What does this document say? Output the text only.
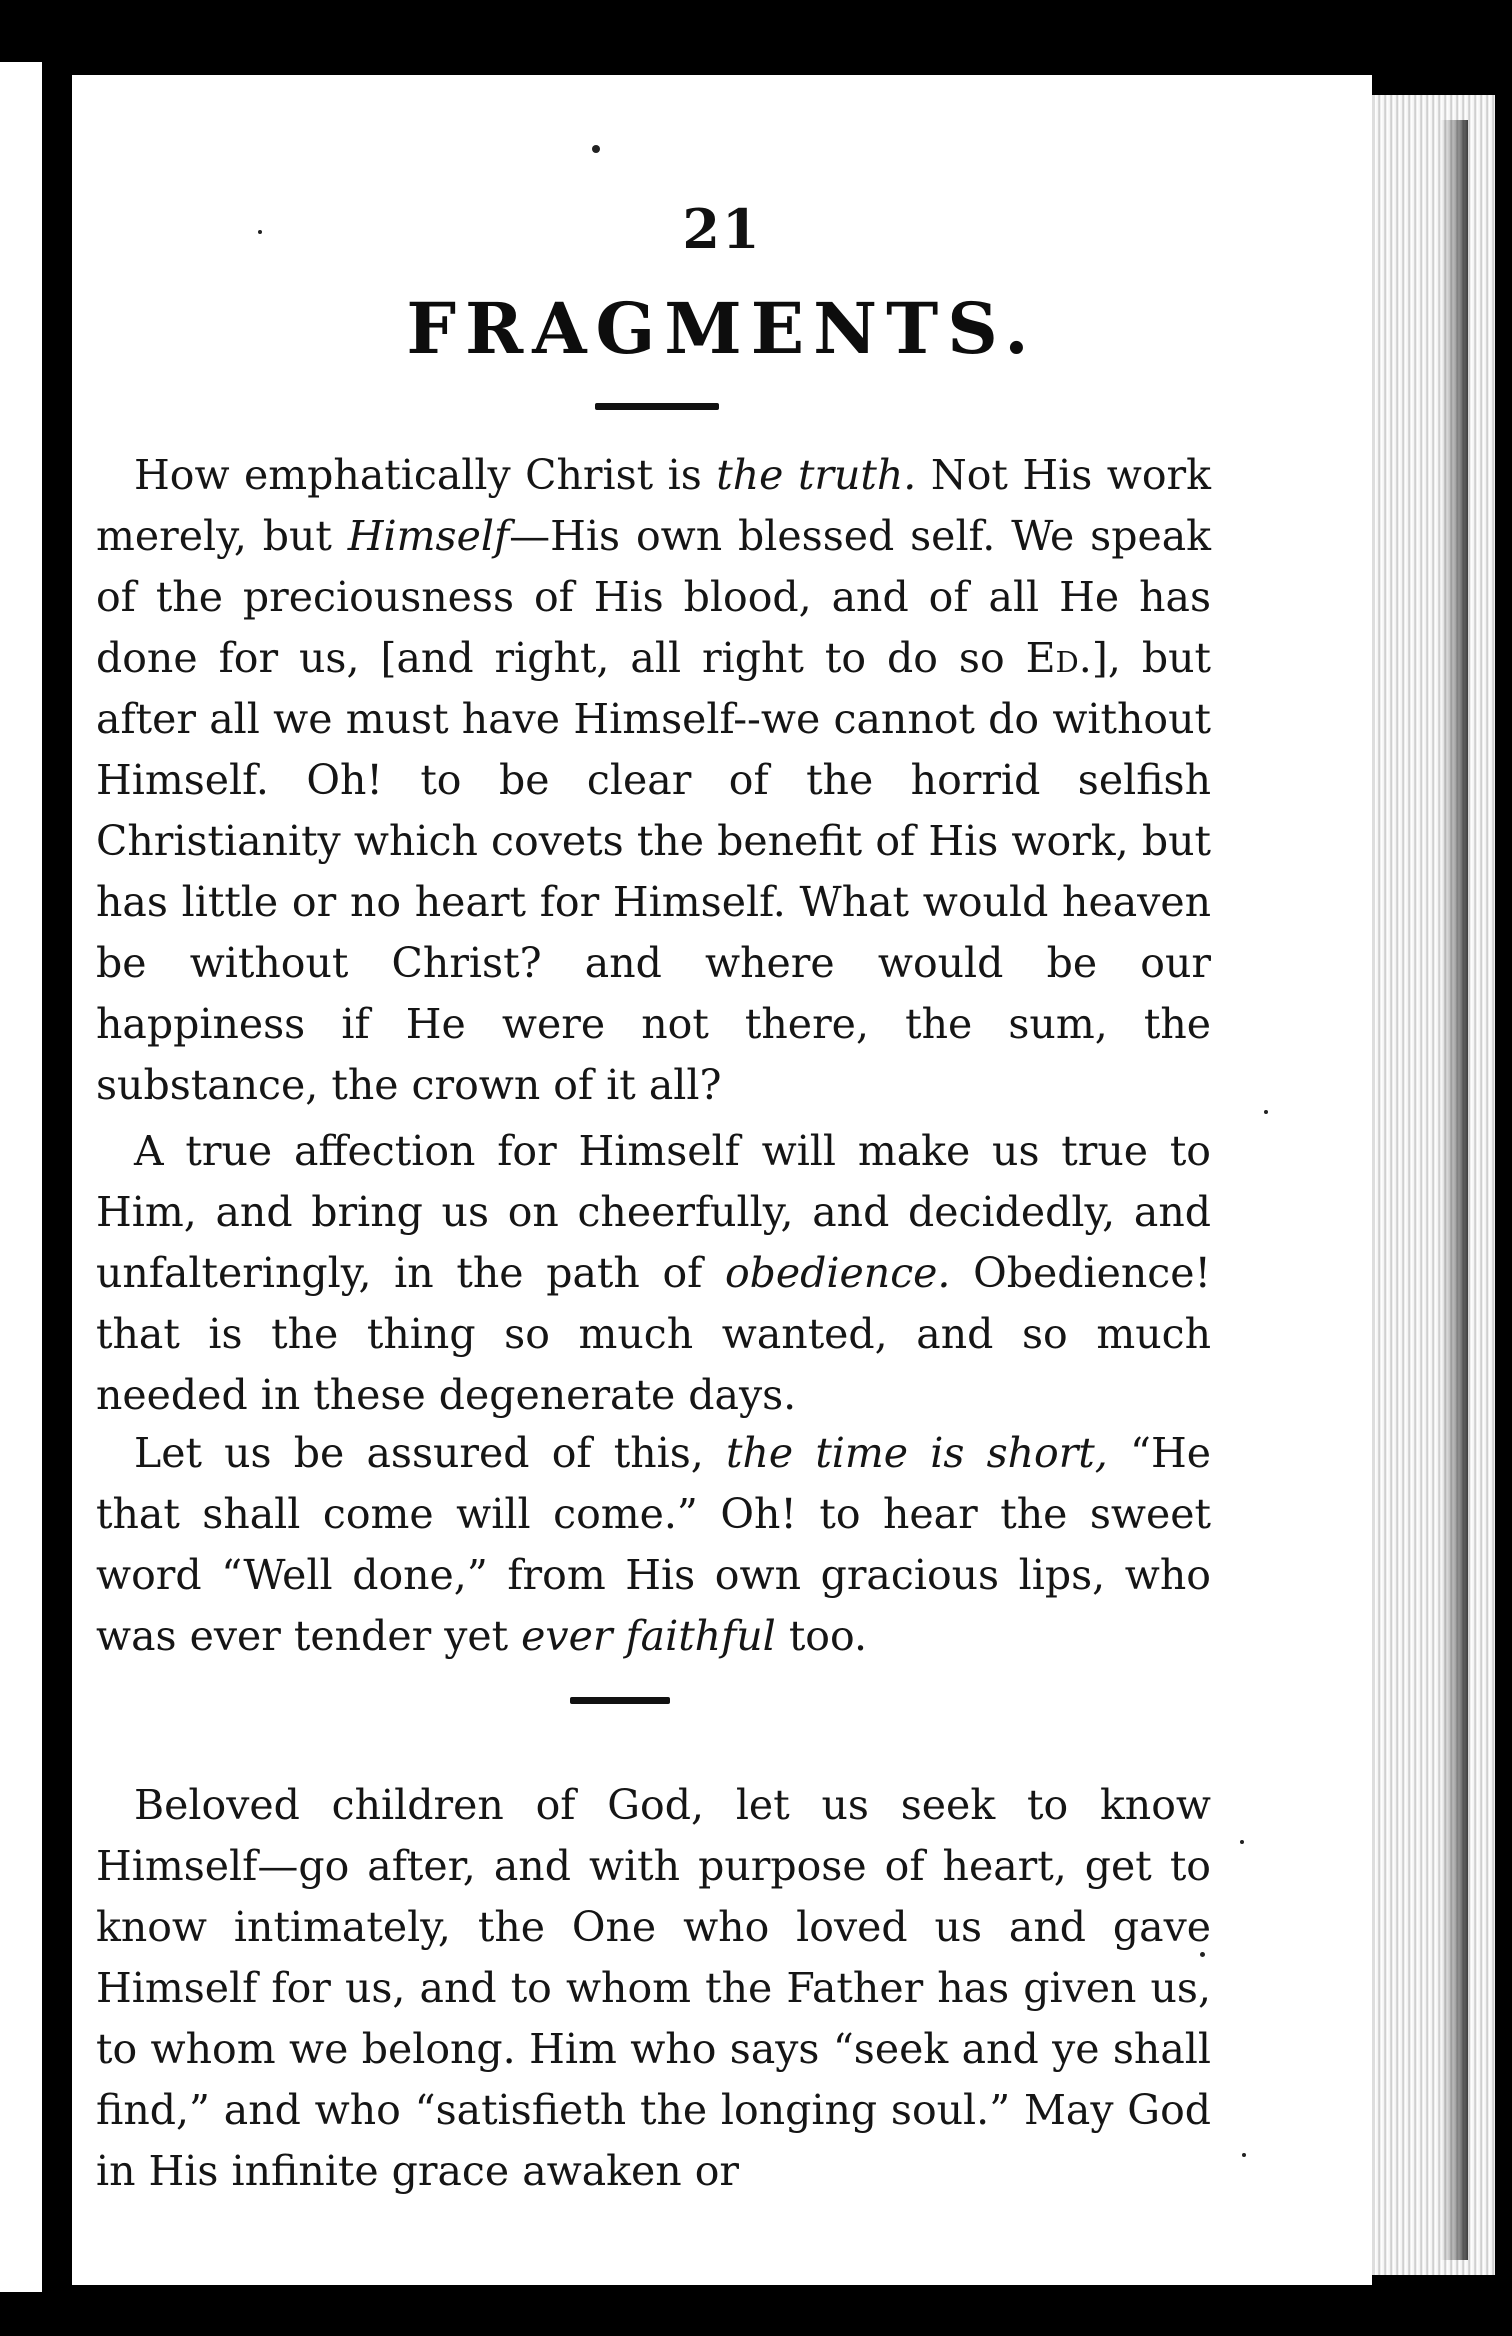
21
FRAGMENTS.

How emphatically Christ is the truth. Not His work merely, but Himself—His own blessed self. We speak of the preciousness of His blood, and of all He has done for us, [and right, all right to do so Ed.], but after all we must have Himself--we cannot do without Himself. Oh! to be clear of the horrid selfish Christianity which covets the benefit of His work, but has little or no heart for Himself. What would heaven be without Christ? and where would be our happiness if He were not there, the sum, the substance, the crown of it all?

A true affection for Himself will make us true to Him, and bring us on cheerfully, and decidedly, and unfalteringly, in the path of obedience. Obedience! that is the thing so much wanted, and so much needed in these degenerate days.

Let us be assured of this, the time is short, “He that shall come will come.” Oh! to hear the sweet word “Well done,” from His own gracious lips, who was ever tender yet ever faithful too.

Beloved children of God, let us seek to know Himself—go after, and with purpose of heart, get to know intimately, the One who loved us and gave Himself for us, and to whom the Father has given us, to whom we belong. Him who says “seek and ye shall find,” and who “satisfieth the longing soul.” May God in His infinite grace awaken or
